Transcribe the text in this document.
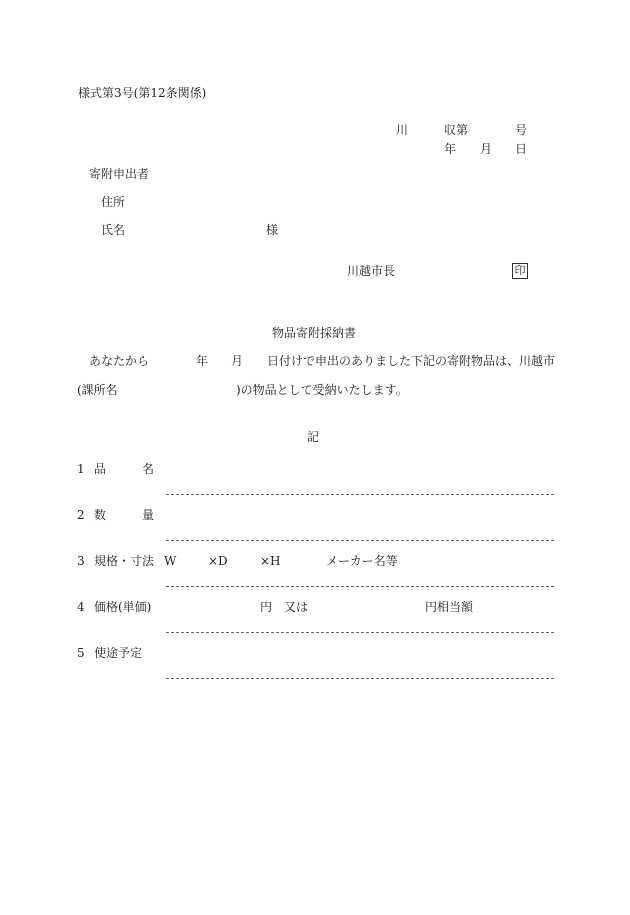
様式第3号(第12条関係)
川	収第	号
年 月 日
寄附申出者
住所
氏名	様
川越市長	印
物品寄附採納書
あなたから	年 月 日付けで申出のありました下記の寄附物品は、川越市
(課所名	)の物品として受納いたします。
記
1 品	名
2 数	量
3 規格・寸法 W	×D	×H	メーカー名等
4 価格(単価)	円 又は	円相当額
5 使途予定
